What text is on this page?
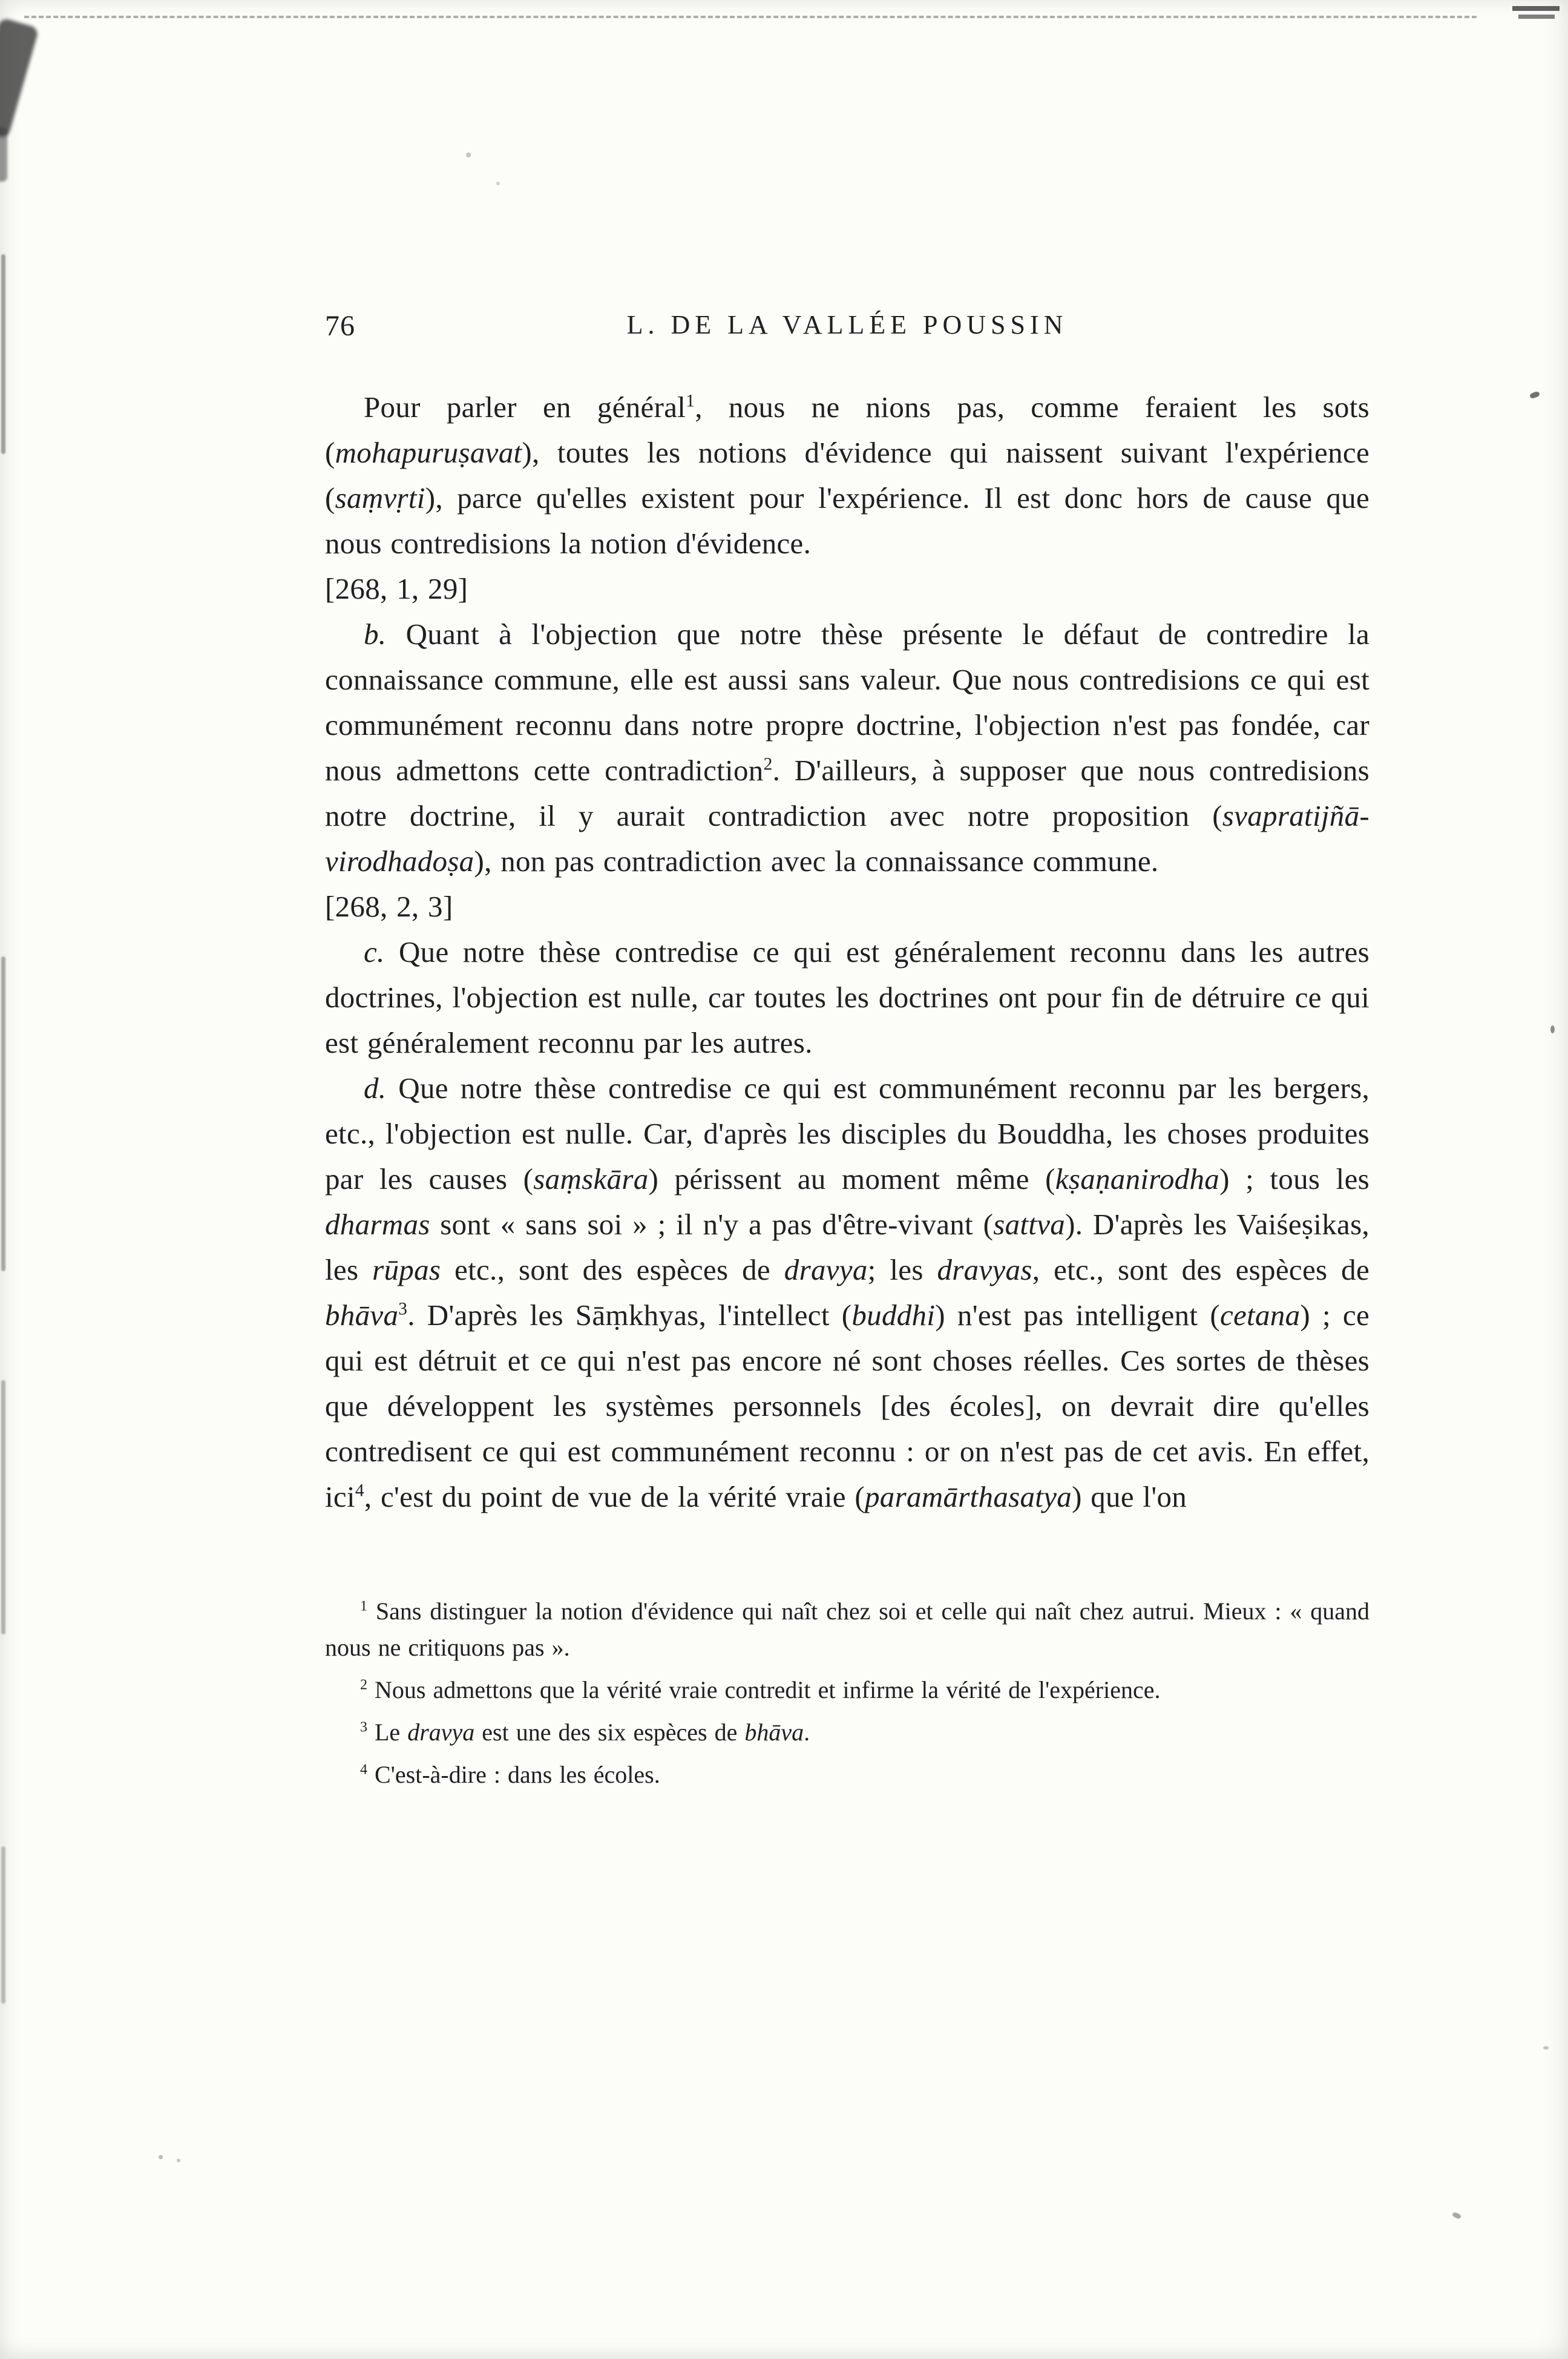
76	L. DE LA VALLÉE POUSSIN

Pour parler en général$^1$, nous ne nions pas, comme feraient les sots (mohapuruṣavat), toutes les notions d'évidence qui naissent suivant l'expérience (saṃvṛti), parce qu'elles existent pour l'expérience. Il est donc hors de cause que nous contredisions la notion d'évidence.

[268, 1, 29]

b. Quant à l'objection que notre thèse présente le défaut de contredire la connaissance commune, elle est aussi sans valeur. Que nous contredisions ce qui est communément reconnu dans notre propre doctrine, l'objection n'est pas fondée, car nous admettons cette contradiction$^2$. D'ailleurs, à supposer que nous contredisions notre doctrine, il y aurait contradiction avec notre proposition (svapratijñā-virodhadoṣa), non pas contradiction avec la connaissance commune.

[268, 2, 3]

c. Que notre thèse contredise ce qui est généralement reconnu dans les autres doctrines, l'objection est nulle, car toutes les doctrines ont pour fin de détruire ce qui est généralement reconnu par les autres.

d. Que notre thèse contredise ce qui est communément reconnu par les bergers, etc., l'objection est nulle. Car, d'après les disciples du Bouddha, les choses produites par les causes (saṃskāra) périssent au moment même (kṣaṇanirodha) ; tous les dharmas sont « sans soi » ; il n'y a pas d'être-vivant (sattva). D'après les Vaiśeṣikas, les rūpas etc., sont des espèces de dravya; les dravyas, etc., sont des espèces de bhāva$^3$. D'après les Sāṃkhyas, l'intellect (buddhi) n'est pas intelligent (cetana) ; ce qui est détruit et ce qui n'est pas encore né sont choses réelles. Ces sortes de thèses que développent les systèmes personnels [des écoles], on devrait dire qu'elles contredisent ce qui est communément reconnu : or on n'est pas de cet avis. En effet, ici$^4$, c'est du point de vue de la vérité vraie (paramārthasatya) que l'on

$^1$ Sans distinguer la notion d'évidence qui naît chez soi et celle qui naît chez autrui. Mieux : « quand nous ne critiquons pas ».

$^2$ Nous admettons que la vérité vraie contredit et infirme la vérité de l'expérience.

$^3$ Le dravya est une des six espèces de bhāva.

$^4$ C'est-à-dire : dans les écoles.
